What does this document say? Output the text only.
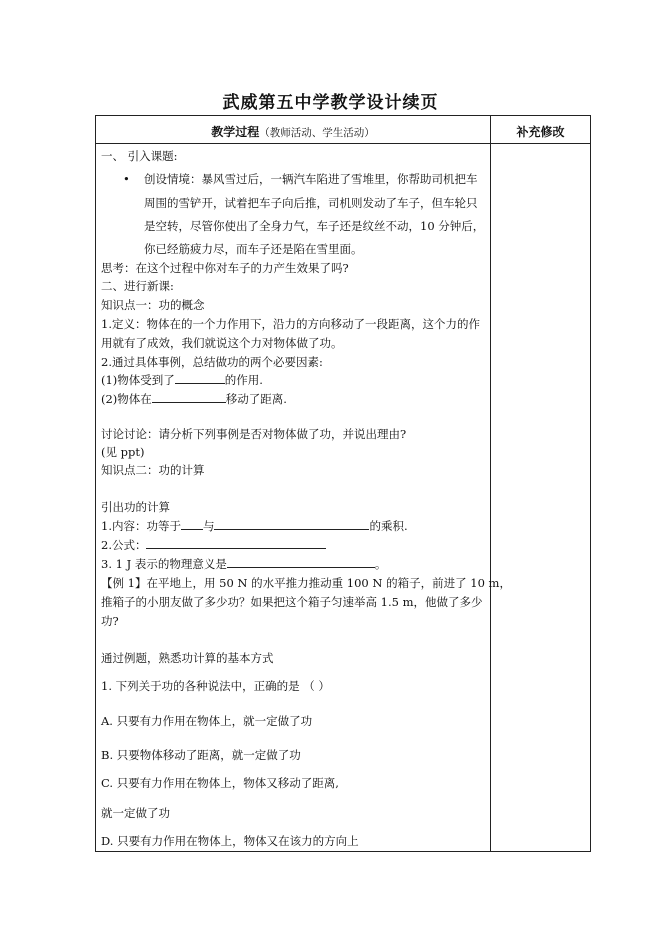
武威第五中学教学设计续页
教学过程（教师活动、学生活动）	补充修改
一、 引入课题:
• 创设情境：暴风雪过后，一辆汽车陷进了雪堆里，你帮助司机把车
周围的雪铲开，试着把车子向后推，司机则发动了车子，但车轮只
是空转，尽管你使出了全身力气，车子还是纹丝不动，10 分钟后，
你已经筋疲力尽，而车子还是陷在雪里面。
思考：在这个过程中你对车子的力产生效果了吗?
二、进行新课:
知识点一：功的概念
1.定义：物体在的一个力作用下，沿力的方向移动了一段距离，这个力的作
用就有了成效，我们就说这个力对物体做了功。
2.通过具体事例，总结做功的两个必要因素:
(1)物体受到了	的作用.
(2)物体在	移动了距离.
讨论讨论：请分析下列事例是否对物体做了功，并说出理由?
(见 ppt)
知识点二：功的计算
引出功的计算
1.内容：功等于 与	的乘积.
2.公式：
3. 1 J 表示的物理意义是	。
【例 1】在平地上，用 50 N 的水平推力推动重 100 N 的箱子，前进了 10 m，
推箱子的小朋友做了多少功？如果把这个箱子匀速举高 1.5 m，他做了多少
功?
通过例题，熟悉功计算的基本方式
1. 下列关于功的各种说法中，正确的是 （ ）
A. 只要有力作用在物体上，就一定做了功
B. 只要物体移动了距离，就一定做了功
C. 只要有力作用在物体上，物体又移动了距离,
就一定做了功
D. 只要有力作用在物体上，物体又在该力的方向上
